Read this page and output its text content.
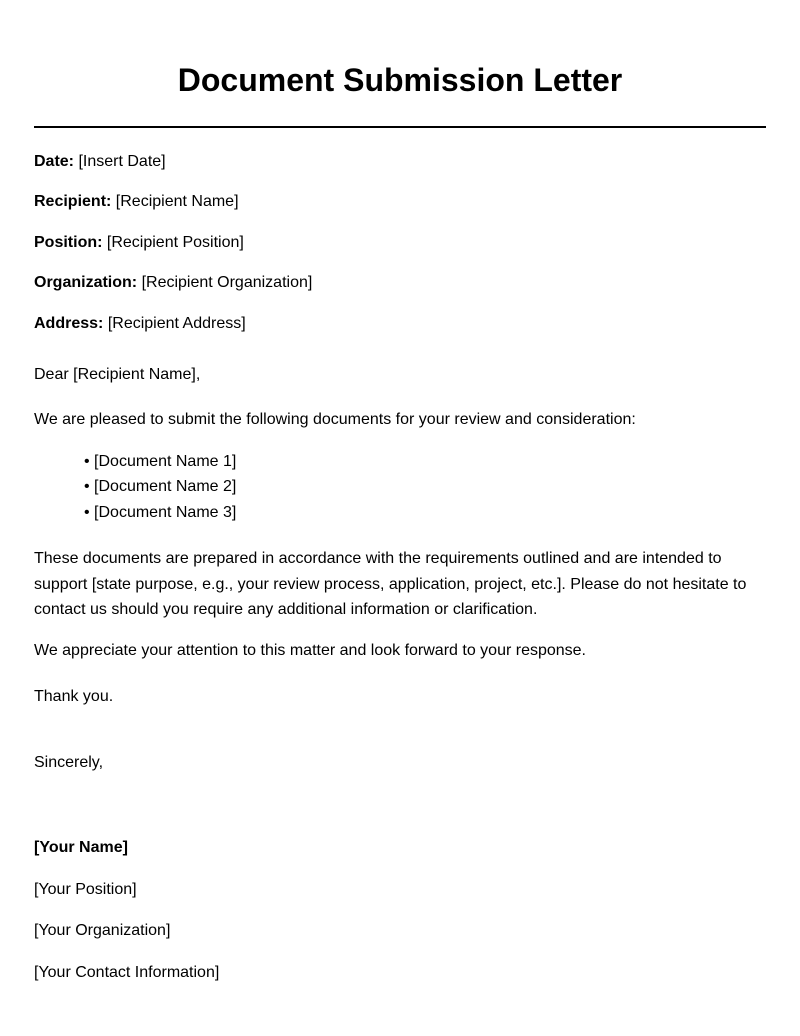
Document Submission Letter
Date: [Insert Date]
Recipient: [Recipient Name]
Position: [Recipient Position]
Organization: [Recipient Organization]
Address: [Recipient Address]
Dear [Recipient Name],
We are pleased to submit the following documents for your review and consideration:
• [Document Name 1]
• [Document Name 2]
• [Document Name 3]
These documents are prepared in accordance with the requirements outlined and are intended to support [state purpose, e.g., your review process, application, project, etc.]. Please do not hesitate to contact us should you require any additional information or clarification.
We appreciate your attention to this matter and look forward to your response.
Thank you.
Sincerely,
[Your Name]
[Your Position]
[Your Organization]
[Your Contact Information]
